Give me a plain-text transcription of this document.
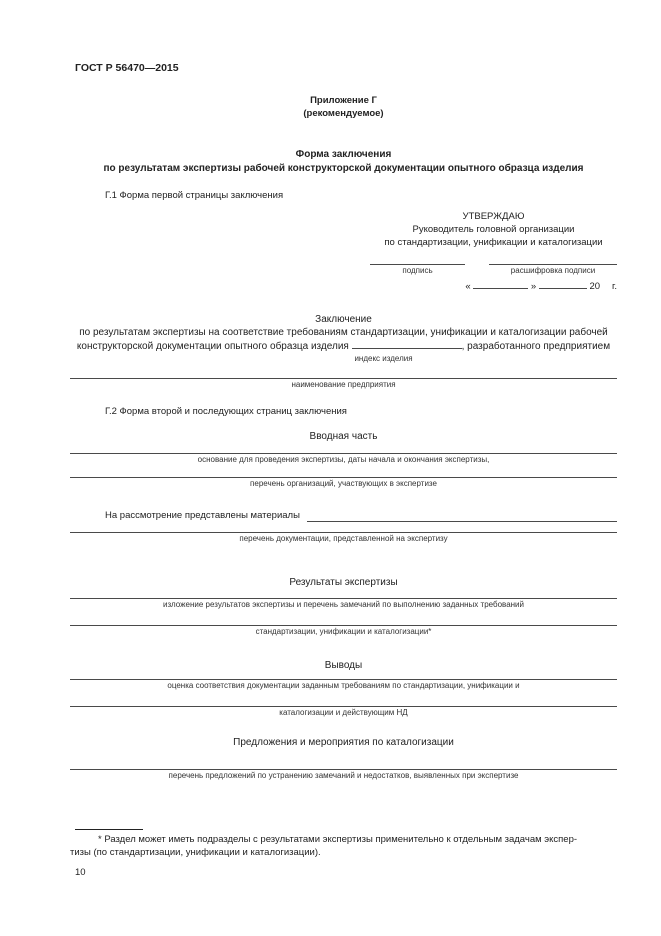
ГОСТ Р 56470—2015
Приложение Г
(рекомендуемое)
Форма заключения
по результатам экспертизы рабочей конструкторской документации опытного образца изделия
Г.1 Форма первой страницы заключения
УТВЕРЖДАЮ
Руководитель головной организации
по стандартизации, унификации и каталогизации
подпись	расшифровка подписи
«	»	20 г.
Заключение
по результатам экспертизы на соответствие требованиям стандартизации, унификации и каталогизации рабочей
конструкторской документации опытного образца изделия	, разработанного предприятием
индекс изделия
наименование предприятия
Г.2 Форма второй и последующих страниц заключения
Вводная часть
основание для проведения экспертизы, даты начала и окончания экспертизы,
перечень организаций, участвующих в экспертизе
На рассмотрение представлены материалы
перечень документации, представленной на экспертизу
Результаты экспертизы
изложение результатов экспертизы и перечень замечаний по выполнению заданных требований
стандартизации, унификации и каталогизации*
Выводы
оценка соответствия документации заданным требованиям по стандартизации, унификации и
каталогизации и действующим НД
Предложения и мероприятия по каталогизации
перечень предложений по устранению замечаний и недостатков, выявленных при экспертизе
* Раздел может иметь подразделы с результатами экспертизы применительно к отдельным задачам экспер-
тизы (по стандартизации, унификации и каталогизации).
10
